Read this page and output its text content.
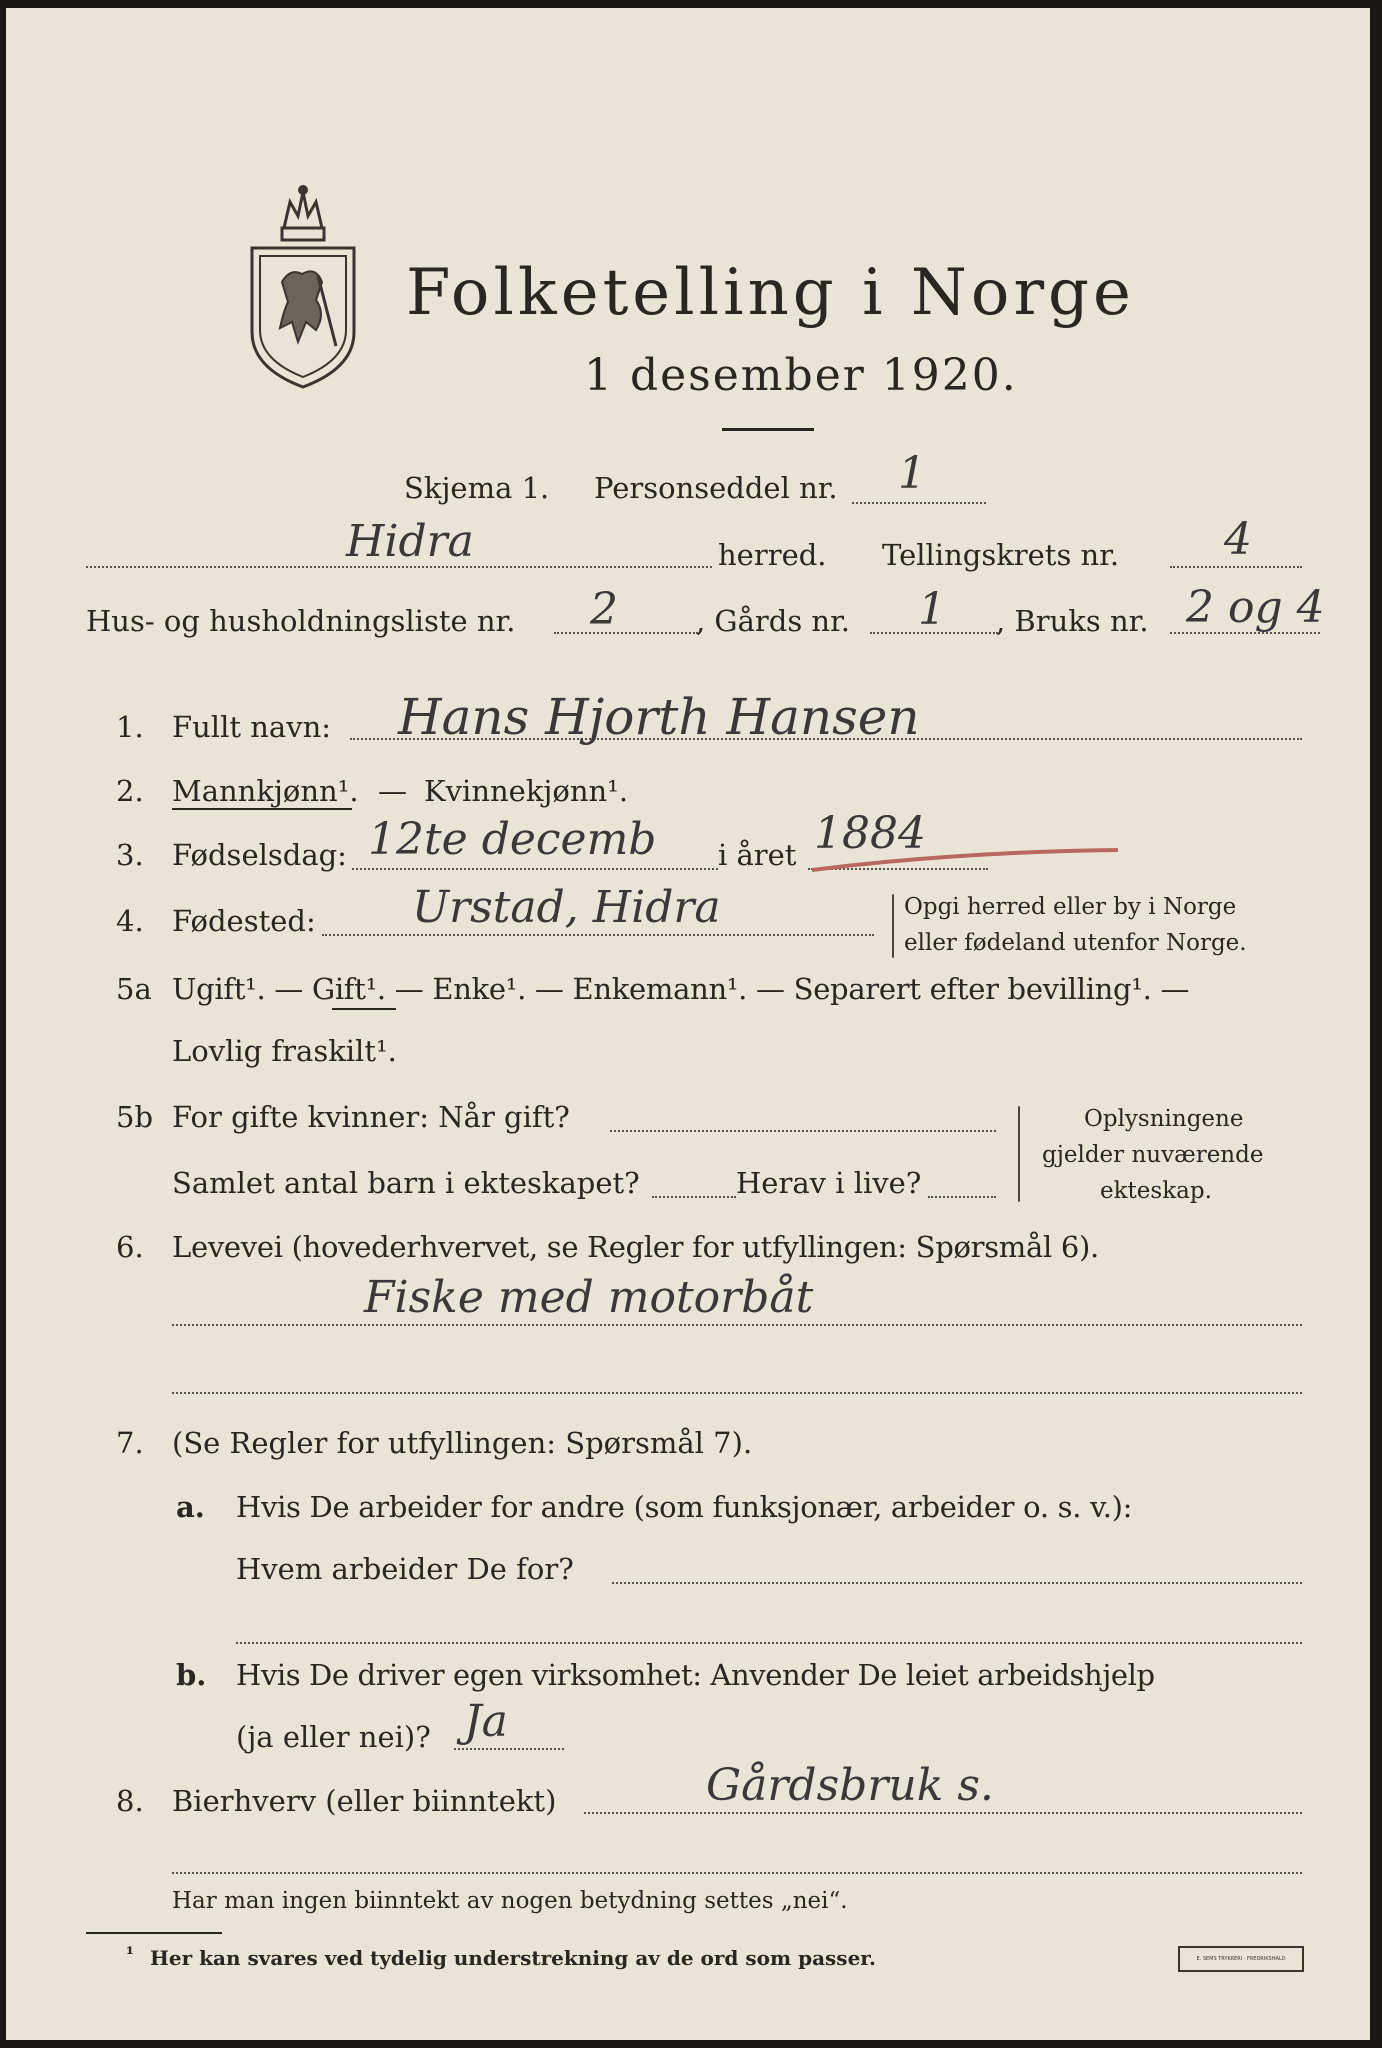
Folketelling i Norge
1 desember 1920.
Skjema 1. Personseddel nr. 1
Hidra	herred. Tellingskrets nr. 4
Hus- og husholdningsliste nr. 2	, Gårds nr. 1 , Bruks nr. 2 og 4
1. Fullt navn: Hans Hjorth Hansen
2. Mannkjønn¹. — Kvinnekjønn¹.
3. Fødselsdag: 12te decemb i året 1884
4. Fødested: Urstad, Hidra	Opgi herred eller by i Norge
eller fødeland utenfor Norge.
5a Ugift¹. — Gift¹. — Enke¹. — Enkemann¹. — Separert efter bevilling¹. —
Lovlig fraskilt¹.
5b For gifte kvinner: Når gift?
Samlet antal barn i ekteskapet?	Herav i live?
Oplysningene
gjelder nuværende
ekteskap.
6. Levevei (hovederhvervet, se Regler for utfyllingen: Spørsmål 6).
Fiske med motorbåt
7. (Se Regler for utfyllingen: Spørsmål 7).
a. Hvis De arbeider for andre (som funksjonær, arbeider o. s. v.):
Hvem arbeider De for?
b. Hvis De driver egen virksomhet: Anvender De leiet arbeidshjelp
(ja eller nei)? Ja
8. Bierhverv (eller biinntekt)	Gårdsbruk s.
Har man ingen biinntekt av nogen betydning settes „nei“.
¹ Her kan svares ved tydelig understrekning av de ord som passer.	E. SEMS TRYKKERI · FREDRIKSHALD
